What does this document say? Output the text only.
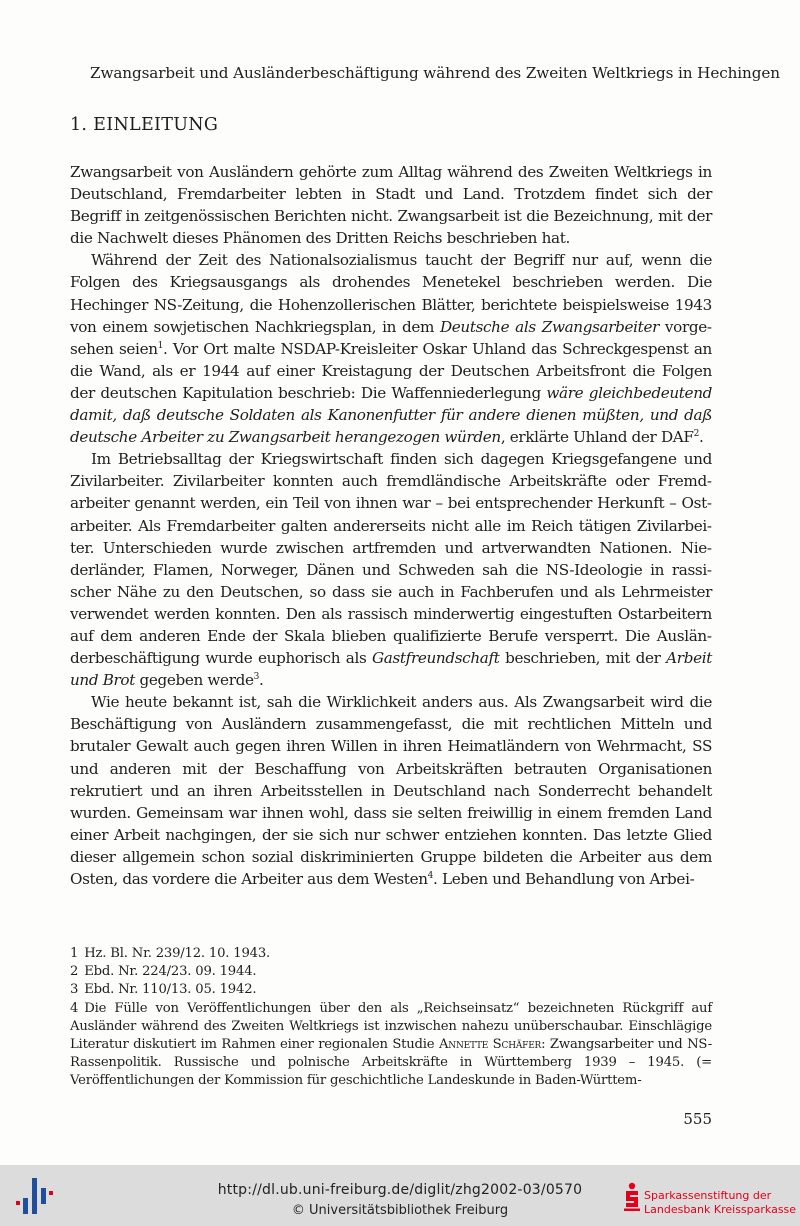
Zwangsarbeit und Ausländerbeschäftigung während des Zweiten Weltkriegs in Hechingen
1. EINLEITUNG

Zwangsarbeit von Ausländern gehörte zum Alltag während des Zweiten Weltkriegs in Deutschland, Fremdarbeiter lebten in Stadt und Land. Trotzdem findet sich der Begriff in zeitgenössischen Berichten nicht. Zwangsarbeit ist die Bezeichnung, mit der die Nachwelt dieses Phänomen des Dritten Reichs beschrieben hat.

Während der Zeit des Nationalsozialismus taucht der Begriff nur auf, wenn die Folgen des Kriegsausgangs als drohendes Menetekel beschrieben werden. Die Hechinger NS-Zeitung, die Hohenzollerischen Blätter, berichtete beispielsweise 1943 von einem sowjetischen Nachkriegsplan, in dem Deutsche als Zwangsarbeiter vorgesehen seien$^1$. Vor Ort malte NSDAP-Kreisleiter Oskar Uhland das Schreckgespenst an die Wand, als er 1944 auf einer Kreistagung der Deutschen Arbeitsfront die Folgen der deutschen Kapitulation beschrieb: Die Waffenniederlegung wäre gleichbedeutend damit, daß deutsche Soldaten als Kanonenfutter für andere dienen müßten, und daß deutsche Arbeiter zu Zwangsarbeit herangezogen würden, erklärte Uhland der DAF$^2$.

Im Betriebsalltag der Kriegswirtschaft finden sich dagegen Kriegsgefangene und Zivilarbeiter. Zivilarbeiter konnten auch fremdländische Arbeitskräfte oder Fremdarbeiter genannt werden, ein Teil von ihnen war – bei entsprechender Herkunft – Ostarbeiter. Als Fremdarbeiter galten andererseits nicht alle im Reich tätigen Zivilarbeiter. Unterschieden wurde zwischen artfremden und artverwandten Nationen. Niederländer, Flamen, Norweger, Dänen und Schweden sah die NS-Ideologie in rassischer Nähe zu den Deutschen, so dass sie auch in Fachberufen und als Lehrmeister verwendet werden konnten. Den als rassisch minderwertig eingestuften Ostarbeitern auf dem anderen Ende der Skala blieben qualifizierte Berufe versperrt. Die Ausländerbeschäftigung wurde euphorisch als Gastfreundschaft beschrieben, mit der Arbeit und Brot gegeben werde$^3$.

Wie heute bekannt ist, sah die Wirklichkeit anders aus. Als Zwangsarbeit wird die Beschäftigung von Ausländern zusammengefasst, die mit rechtlichen Mitteln und brutaler Gewalt auch gegen ihren Willen in ihren Heimatländern von Wehrmacht, SS und anderen mit der Beschaffung von Arbeitskräften betrauten Organisationen rekrutiert und an ihren Arbeitsstellen in Deutschland nach Sonderrecht behandelt wurden. Gemeinsam war ihnen wohl, dass sie selten freiwillig in einem fremden Land einer Arbeit nachgingen, der sie sich nur schwer entziehen konnten. Das letzte Glied dieser allgemein schon sozial diskriminierten Gruppe bildeten die Arbeiter aus dem Osten, das vordere die Arbeiter aus dem Westen$^4$. Leben und Behandlung von Arbei-

1 Hz. Bl. Nr. 239/12. 10. 1943.

2 Ebd. Nr. 224/23. 09. 1944.

3 Ebd. Nr. 110/13. 05. 1942.

4 Die Fülle von Veröffentlichungen über den als „Reichseinsatz“ bezeichneten Rückgriff auf Ausländer während des Zweiten Weltkriegs ist inzwischen nahezu unüberschaubar. Einschlägige Literatur diskutiert im Rahmen einer regionalen Studie Annette Schäfer: Zwangsarbeiter und NS-Rassenpolitik. Russische und polnische Arbeitskräfte in Württemberg 1939 – 1945. (= Veröffentlichungen der Kommission für geschichtliche Landeskunde in Baden-Württem-

555
http://dl.ub.uni-freiburg.de/diglit/zhg2002-03/0570
© Universitätsbibliothek Freiburg
Sparkassenstiftung der
Landesbank Kreissparkasse
